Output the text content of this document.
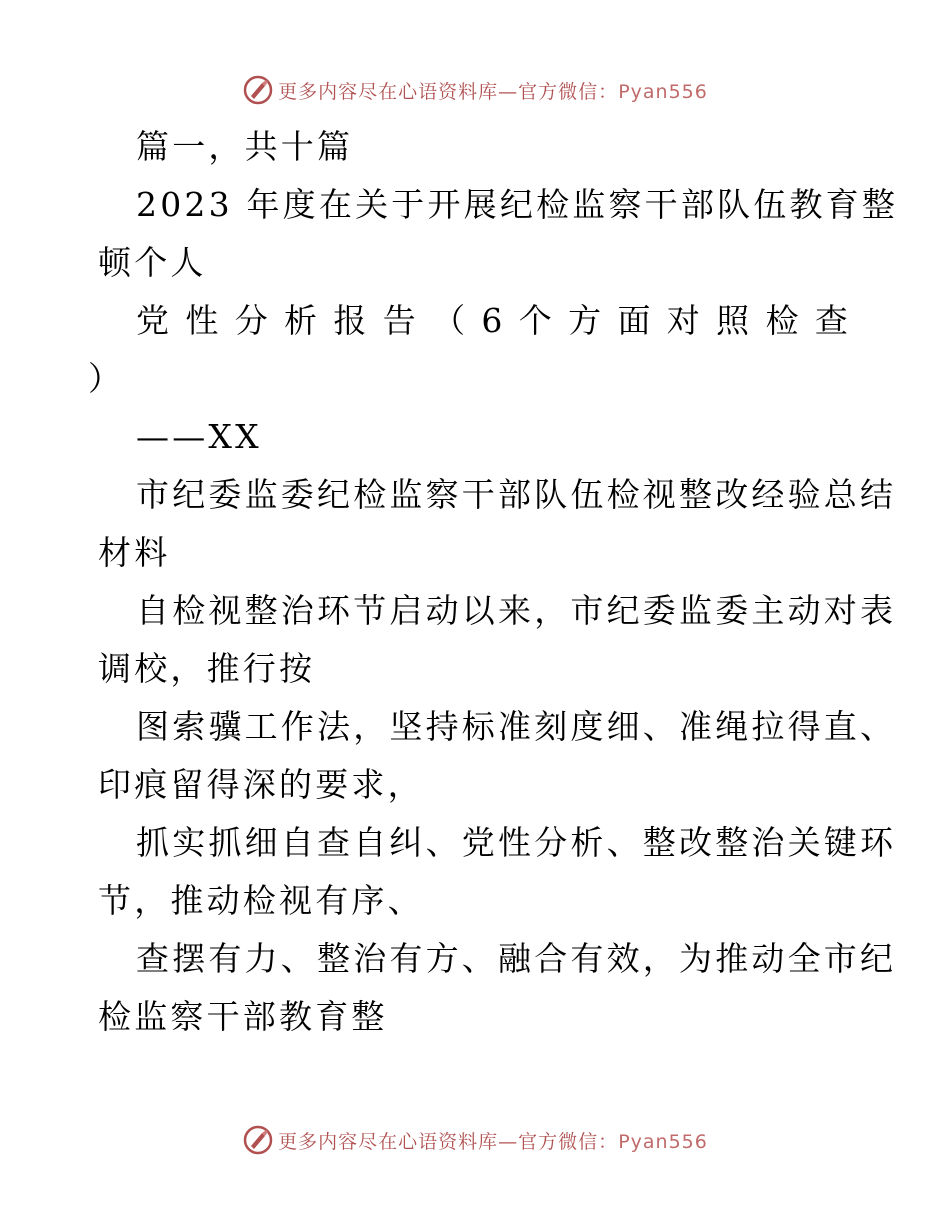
更多内容尽在心语资料库—官方微信：Pyan556
篇一，共十篇
2023 年度在关于开展纪检监察干部队伍教育整
顿个人
党 性 分 析 报 告 （ 6 个 方 面 对 照 检 查
）
——XX
市纪委监委纪检监察干部队伍检视整改经验总结
材料
自检视整治环节启动以来，市纪委监委主动对表
调校，推行按
图索骥工作法，坚持标准刻度细、准绳拉得直、
印痕留得深的要求，
抓实抓细自查自纠、党性分析、整改整治关键环
节，推动检视有序、
查摆有力、整治有方、融合有效，为推动全市纪
检监察干部教育整
更多内容尽在心语资料库—官方微信：Pyan556
